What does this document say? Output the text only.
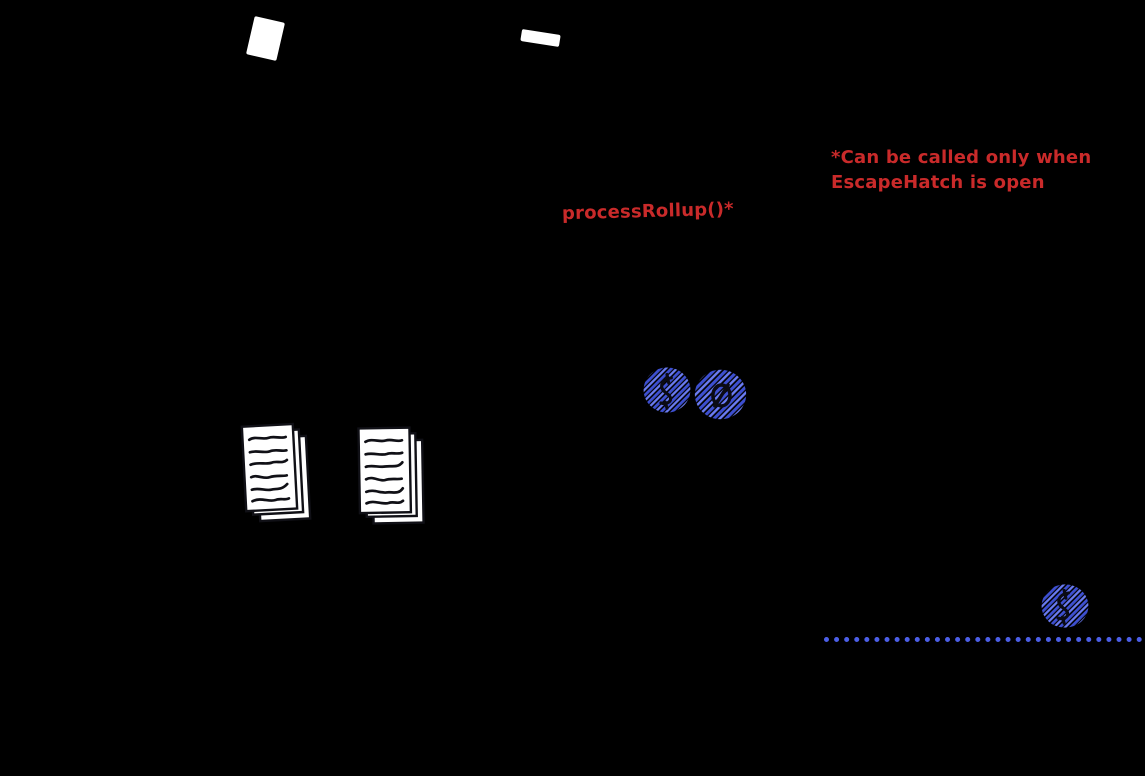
processRollup()*
*Can be called only when
EscapeHatch is open
